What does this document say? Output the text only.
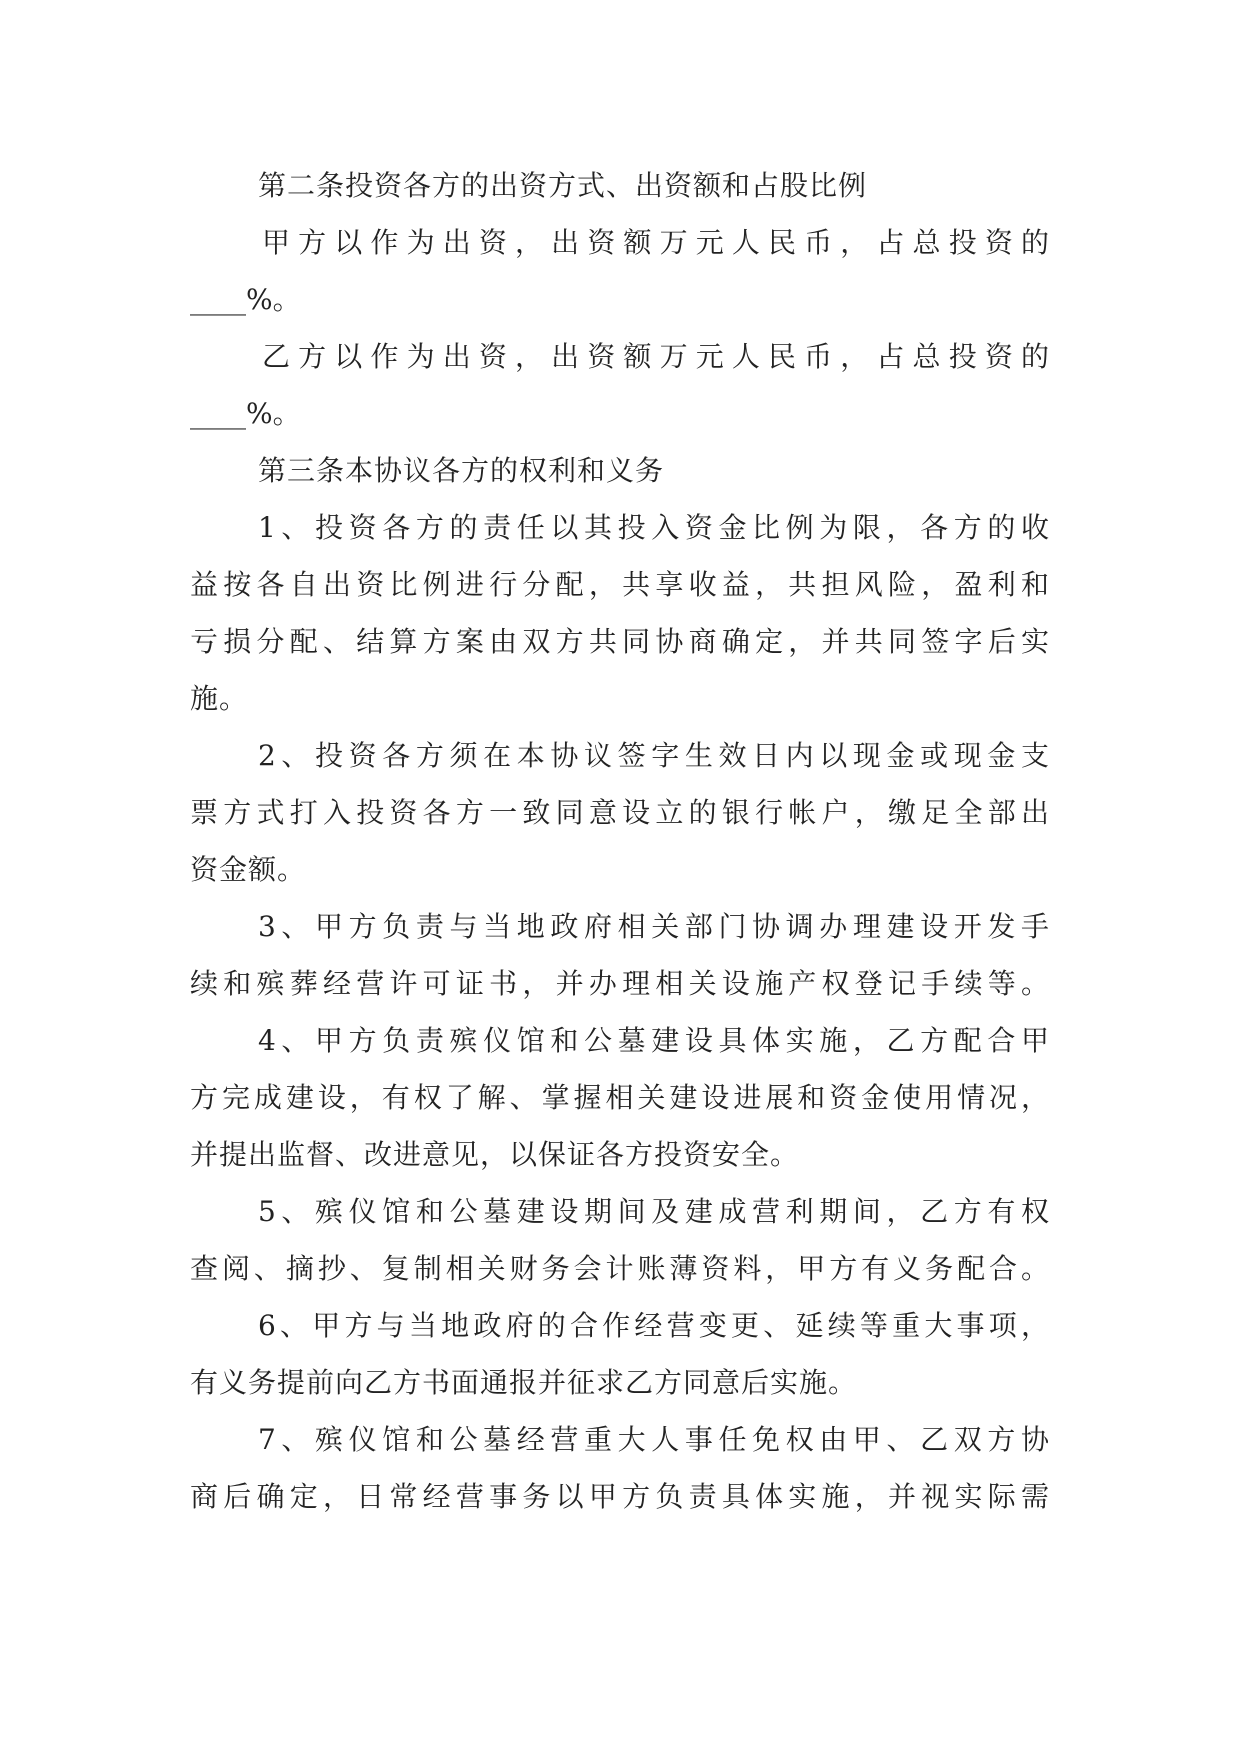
第二条投资各方的出资方式、出资额和占股比例
甲方以作为出资，出资额万元人民币，占总投资的
____%。
乙方以作为出资，出资额万元人民币，占总投资的
____%。
第三条本协议各方的权利和义务
1、投资各方的责任以其投入资金比例为限，各方的收
益按各自出资比例进行分配，共享收益，共担风险，盈利和
亏损分配、结算方案由双方共同协商确定，并共同签字后实
施。
2、投资各方须在本协议签字生效日内以现金或现金支
票方式打入投资各方一致同意设立的银行帐户，缴足全部出
资金额。
3、甲方负责与当地政府相关部门协调办理建设开发手
续和殡葬经营许可证书，并办理相关设施产权登记手续等。
4、甲方负责殡仪馆和公墓建设具体实施，乙方配合甲
方完成建设，有权了解、掌握相关建设进展和资金使用情况，
并提出监督、改进意见，以保证各方投资安全。
5、殡仪馆和公墓建设期间及建成营利期间，乙方有权
查阅、摘抄、复制相关财务会计账薄资料，甲方有义务配合。
6、甲方与当地政府的合作经营变更、延续等重大事项，
有义务提前向乙方书面通报并征求乙方同意后实施。
7、殡仪馆和公墓经营重大人事任免权由甲、乙双方协
商后确定，日常经营事务以甲方负责具体实施，并视实际需
